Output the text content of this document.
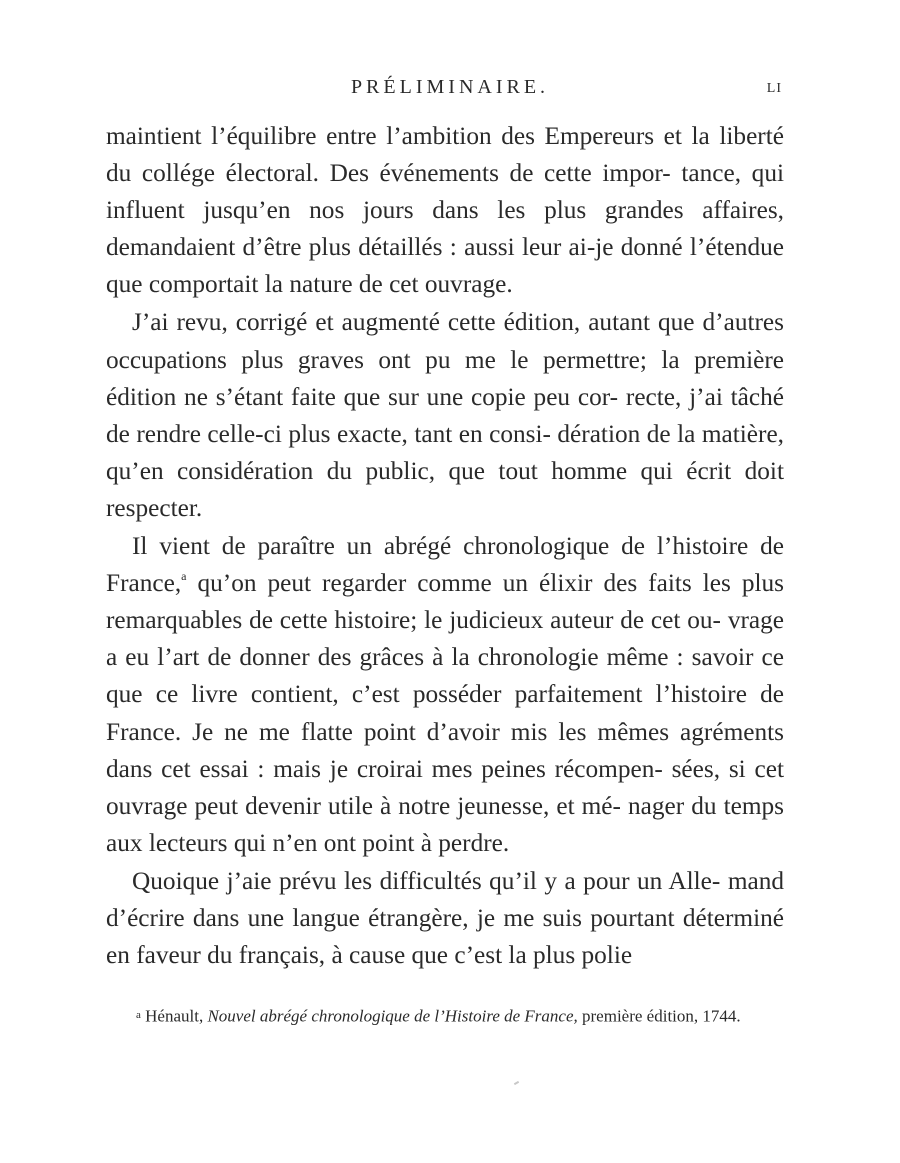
PRÉLIMINAIRE.	LI

maintient l’équilibre entre l’ambition des Empereurs et la liberté du collége électoral. Des événements de cette impor- tance, qui influent jusqu’en nos jours dans les plus grandes affaires, demandaient d’être plus détaillés : aussi leur ai-je donné l’étendue que comportait la nature de cet ouvrage.

J’ai revu, corrigé et augmenté cette édition, autant que d’autres occupations plus graves ont pu me le permettre; la première édition ne s’étant faite que sur une copie peu cor- recte, j’ai tâché de rendre celle-ci plus exacte, tant en consi- dération de la matière, qu’en considération du public, que tout homme qui écrit doit respecter.

Il vient de paraître un abrégé chronologique de l’histoire de France,$^a$ qu’on peut regarder comme un élixir des faits les plus remarquables de cette histoire; le judicieux auteur de cet ou- vrage a eu l’art de donner des grâces à la chronologie même : savoir ce que ce livre contient, c’est posséder parfaitement l’histoire de France. Je ne me flatte point d’avoir mis les mêmes agréments dans cet essai : mais je croirai mes peines récompen- sées, si cet ouvrage peut devenir utile à notre jeunesse, et mé- nager du temps aux lecteurs qui n’en ont point à perdre.

Quoique j’aie prévu les difficultés qu’il y a pour un Alle- mand d’écrire dans une langue étrangère, je me suis pourtant déterminé en faveur du français, à cause que c’est la plus polie

a Hénault, Nouvel abrégé chronologique de l’Histoire de France, première édition, 1744.
